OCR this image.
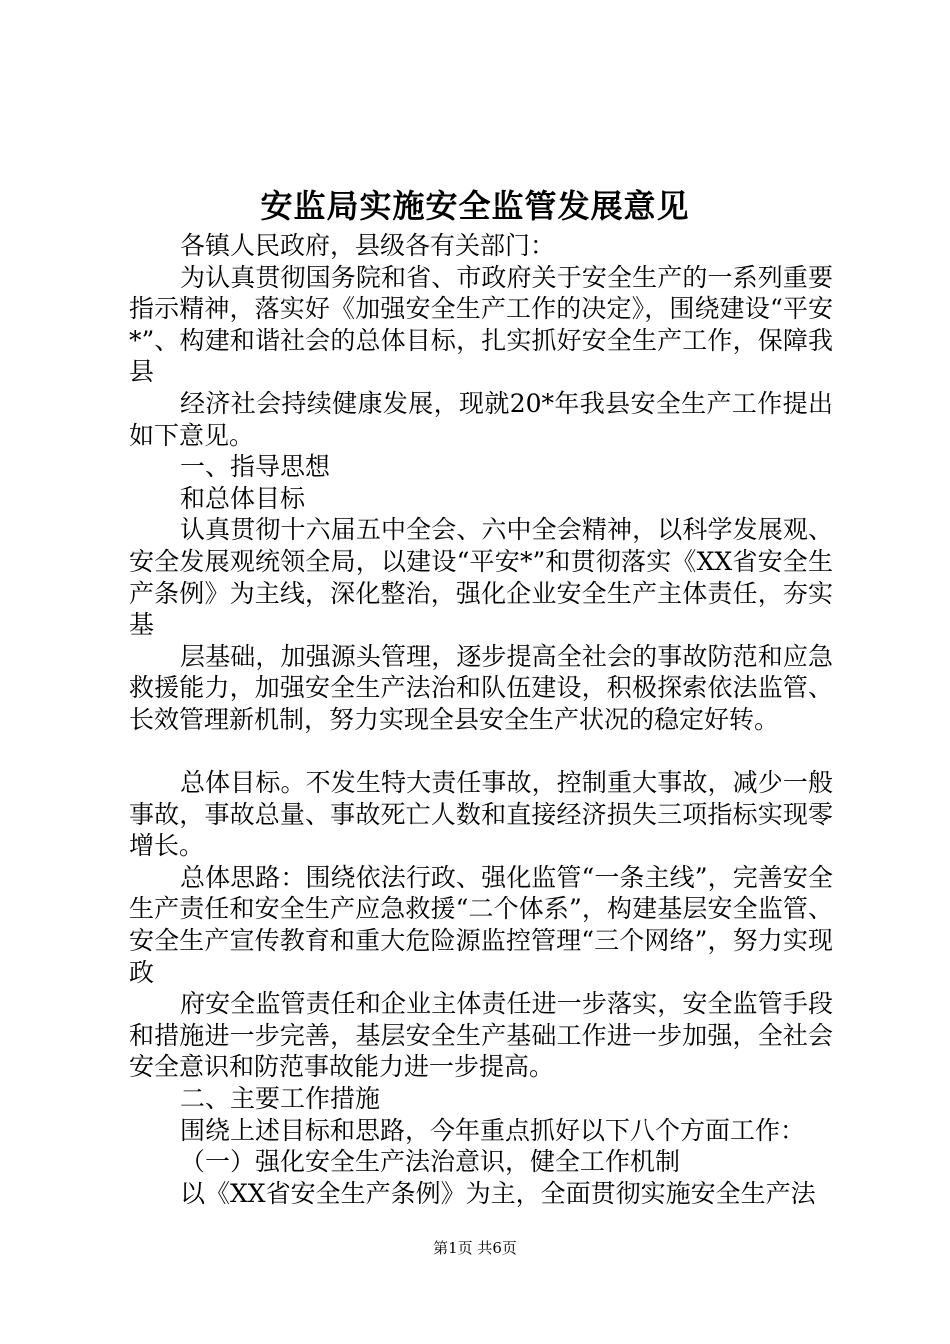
安监局实施安全监管发展意见

各镇人民政府，县级各有关部门：

为认真贯彻国务院和省、市政府关于安全生产的一系列重要指示精神，落实好《加强安全生产工作的决定》，围绕建设“平安*”、构建和谐社会的总体目标，扎实抓好安全生产工作，保障我县

经济社会持续健康发展，现就20*年我县安全生产工作提出如下意见。

一、指导思想

和总体目标

认真贯彻十六届五中全会、六中全会精神，以科学发展观、安全发展观统领全局，以建设“平安*”和贯彻落实《XX省安全生产条例》为主线，深化整治，强化企业安全生产主体责任，夯实基

层基础，加强源头管理，逐步提高全社会的事故防范和应急救援能力，加强安全生产法治和队伍建设，积极探索依法监管、长效管理新机制，努力实现全县安全生产状况的稳定好转。

总体目标。不发生特大责任事故，控制重大事故，减少一般事故，事故总量、事故死亡人数和直接经济损失三项指标实现零增长。

总体思路：围绕依法行政、强化监管“一条主线”，完善安全生产责任和安全生产应急救援“二个体系”，构建基层安全监管、安全生产宣传教育和重大危险源监控管理“三个网络”，努力实现政

府安全监管责任和企业主体责任进一步落实，安全监管手段和措施进一步完善，基层安全生产基础工作进一步加强，全社会安全意识和防范事故能力进一步提高。

二、主要工作措施

围绕上述目标和思路，今年重点抓好以下八个方面工作：

（一）强化安全生产法治意识，健全工作机制

以《XX省安全生产条例》为主，全面贯彻实施安全生产法

第1页 共6页
